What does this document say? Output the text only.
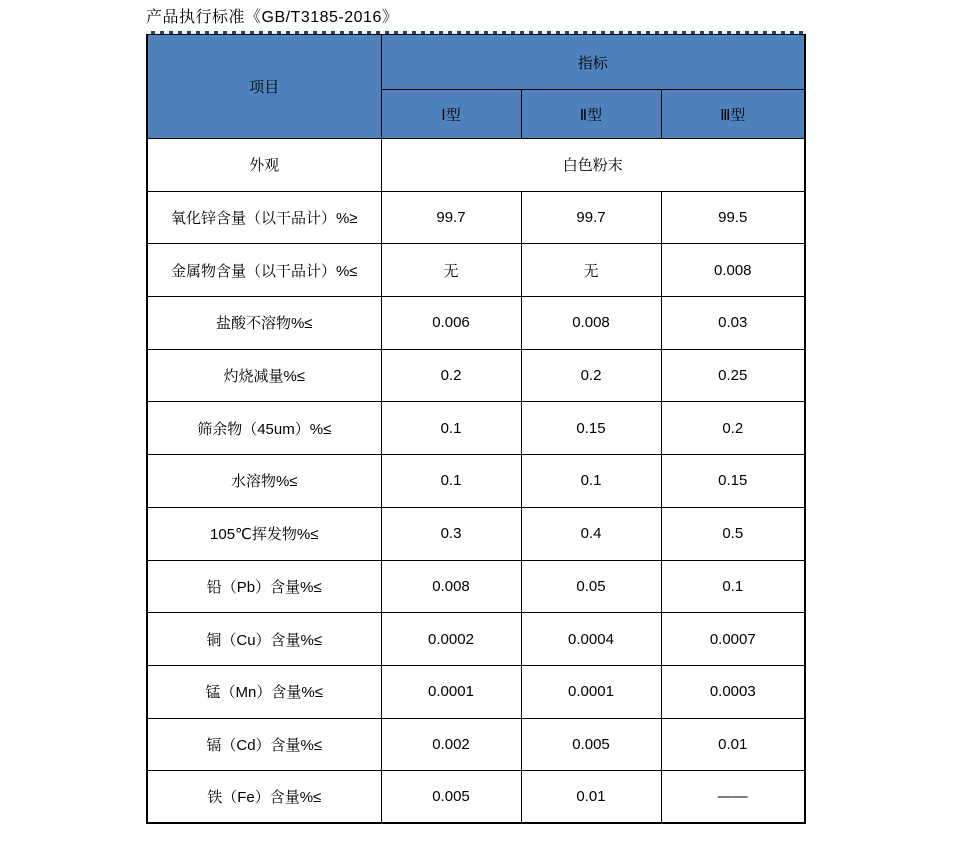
产品执行标准《GB/T3185-2016》
项目	指标		
	Ⅰ型	Ⅱ型	Ⅲ型
外观	白色粉末		
氧化锌含量（以干品计）%≥	99.7	99.7	99.5
金属物含量（以干品计）%≤	无	无	0.008
盐酸不溶物%≤	0.006	0.008	0.03
灼烧减量%≤	0.2	0.2	0.25
筛余物（45um）%≤	0.1	0.15	0.2
水溶物%≤	0.1	0.1	0.15
105℃挥发物%≤	0.3	0.4	0.5
铅（Pb）含量%≤	0.008	0.05	0.1
铜（Cu）含量%≤	0.0002	0.0004	0.0007
锰（Mn）含量%≤	0.0001	0.0001	0.0003
镉（Cd）含量%≤	0.002	0.005	0.01
铁（Fe）含量%≤	0.005	0.01	——
